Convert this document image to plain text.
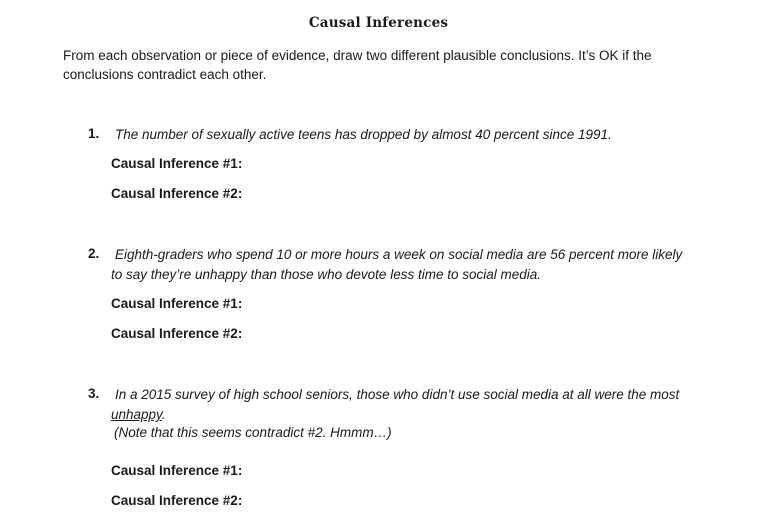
Causal Inferences
From each observation or piece of evidence, draw two different plausible conclusions. It’s OK if the conclusions contradict each other.
1. The number of sexually active teens has dropped by almost 40 percent since 1991.
Causal Inference #1:
Causal Inference #2:
2. Eighth-graders who spend 10 or more hours a week on social media are 56 percent more likely to say they’re unhappy than those who devote less time to social media.
Causal Inference #1:
Causal Inference #2:
3. In a 2015 survey of high school seniors, those who didn’t use social media at all were the most unhappy.
(Note that this seems contradict #2. Hmmm…)
Causal Inference #1:
Causal Inference #2:
